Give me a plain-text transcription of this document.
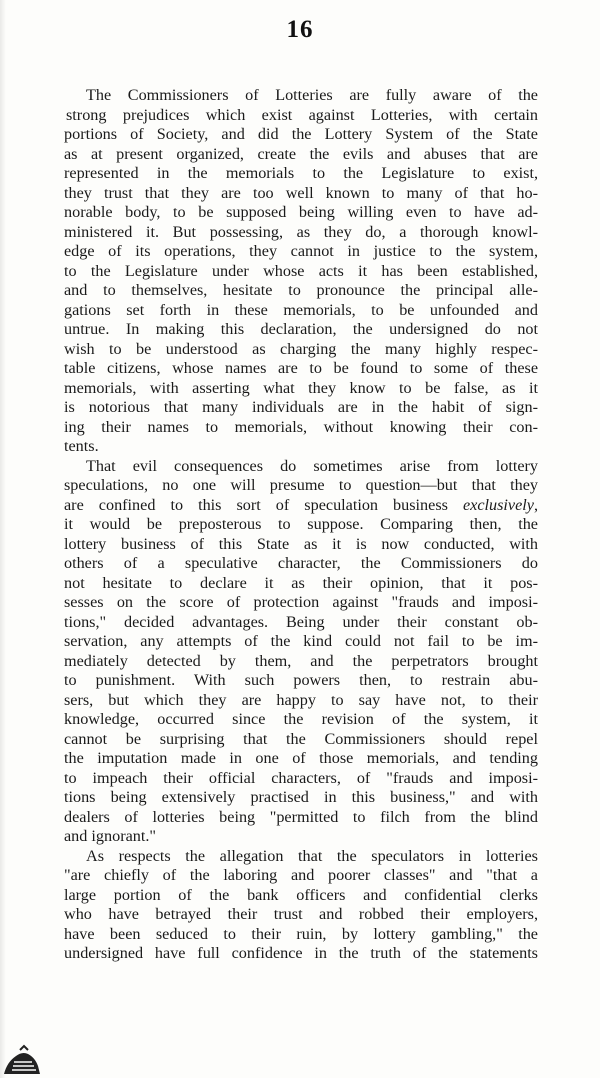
16
The Commissioners of Lotteries are fully aware of the
strong prejudices which exist against Lotteries, with certain
portions of Society, and did the Lottery System of the State
as at present organized, create the evils and abuses that are
represented in the memorials to the Legislature to exist,
they trust that they are too well known to many of that ho-
norable body, to be supposed being willing even to have ad-
ministered it. But possessing, as they do, a thorough knowl-
edge of its operations, they cannot in justice to the system,
to the Legislature under whose acts it has been established,
and to themselves, hesitate to pronounce the principal alle-
gations set forth in these memorials, to be unfounded and
untrue. In making this declaration, the undersigned do not
wish to be understood as charging the many highly respec-
table citizens, whose names are to be found to some of these
memorials, with asserting what they know to be false, as it
is notorious that many individuals are in the habit of sign-
ing their names to memorials, without knowing their con-
tents.
That evil consequences do sometimes arise from lottery
speculations, no one will presume to question—but that they
are confined to this sort of speculation business exclusively,
it would be preposterous to suppose. Comparing then, the
lottery business of this State as it is now conducted, with
others of a speculative character, the Commissioners do
not hesitate to declare it as their opinion, that it pos-
sesses on the score of protection against "frauds and imposi-
tions," decided advantages. Being under their constant ob-
servation, any attempts of the kind could not fail to be im-
mediately detected by them, and the perpetrators brought
to punishment. With such powers then, to restrain abu-
sers, but which they are happy to say have not, to their
knowledge, occurred since the revision of the system, it
cannot be surprising that the Commissioners should repel
the imputation made in one of those memorials, and tending
to impeach their official characters, of "frauds and imposi-
tions being extensively practised in this business," and with
dealers of lotteries being "permitted to filch from the blind
and ignorant."
As respects the allegation that the speculators in lotteries
"are chiefly of the laboring and poorer classes" and "that a
large portion of the bank officers and confidential clerks
who have betrayed their trust and robbed their employers,
have been seduced to their ruin, by lottery gambling," the
undersigned have full confidence in the truth of the statements
